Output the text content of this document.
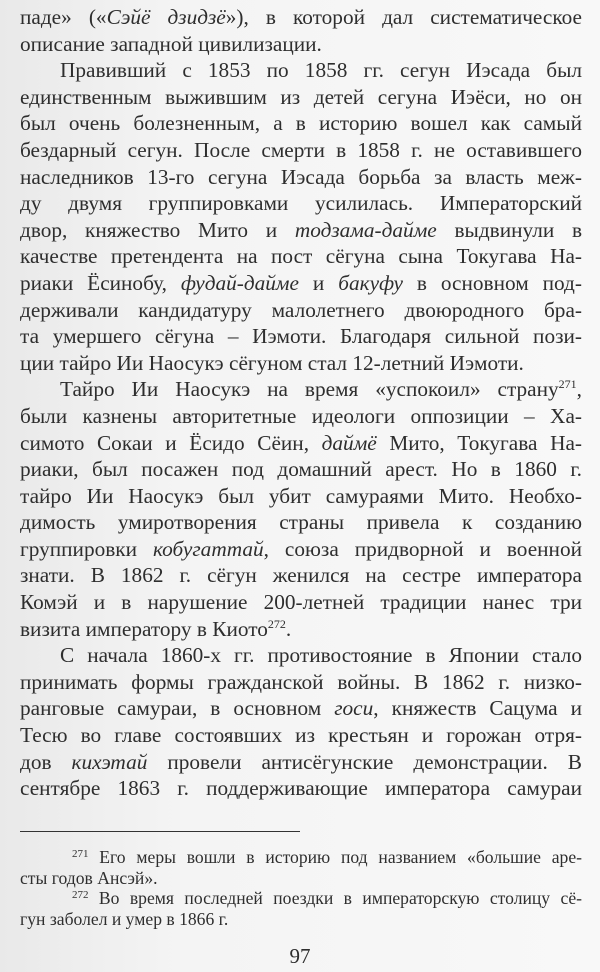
паде» («Сэйё дзидзё»), в которой дал систематическое
описание западной цивилизации.
Правивший с 1853 по 1858 гг. сегун Иэсада был
единственным выжившим из детей сегуна Иэёси, но он
был очень болезненным, а в историю вошел как самый
бездарный сегун. После смерти в 1858 г. не оставившего
наследников 13-го сегуна Иэсада борьба за власть меж-
ду двумя группировками усилилась. Императорский
двор, княжество Мито и тодзама-дайме выдвинули в
качестве претендента на пост сёгуна сына Токугава На-
риаки Ёсинобу, фудай-дайме и бакуфу в основном под-
держивали кандидатуру малолетнего двоюродного бра-
та умершего сёгуна – Иэмоти. Благодаря сильной пози-
ции тайро Ии Наосукэ сёгуном стал 12-летний Иэмоти.
Тайро Ии Наосукэ на время «успокоил» страну$^{271}$,
были казнены авторитетные идеологи оппозиции – Ха-
симото Сокаи и Ёсидо Сёин, даймё Мито, Токугава На-
риаки, был посажен под домашний арест. Но в 1860 г.
тайро Ии Наосукэ был убит самураями Мито. Необхо-
димость умиротворения страны привела к созданию
группировки кобугаттай, союза придворной и военной
знати. В 1862 г. сёгун женился на сестре императора
Комэй и в нарушение 200-летней традиции нанес три
визита императору в Киото$^{272}$.
С начала 1860-х гг. противостояние в Японии стало
принимать формы гражданской войны. В 1862 г. низко-
ранговые самураи, в основном госи, княжеств Сацума и
Тесю во главе состоявших из крестьян и горожан отря-
дов кихэтай провели антисёгунские демонстрации. В
сентябре 1863 г. поддерживающие императора самураи
$^{271}$ Его меры вошли в историю под названием «большие аре-
сты годов Ансэй».
$^{272}$ Во время последней поездки в императорскую столицу сё-
гун заболел и умер в 1866 г.
97
